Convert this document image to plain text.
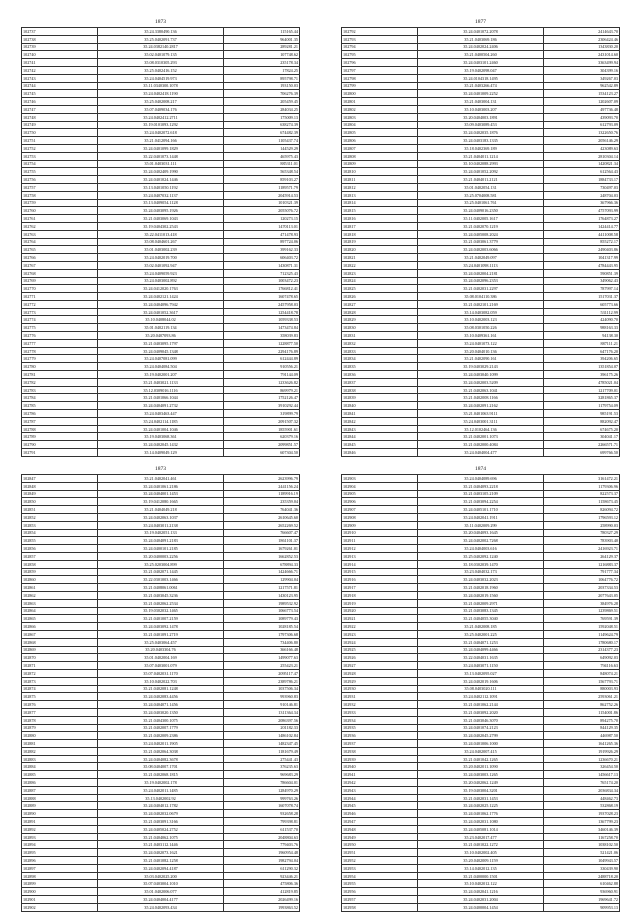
1873
102737	35.24.3380490.136	115165.44
102738	35.25.0402091.737	964001.35
102739	35.24.0382140.2817	289281.21
102740	35.02.0401079.135	107748.62
102741	35.08.0310305.293	235178.34
102742	35.25.0402416.152	17824.25
102743	35.24.0404519.973	895798.71
102744	35.11.0340300.1078	193150.03
102745	35.24.0402418.1190	706276.39
102746	35.25.0402008.217	205459.45
102747	35.07.0409034.176	284034.25
102748	35.24.0402412.2711	175009.13
102749	35.19.0101093.1292	638274.39
102750	35.24.0402072.618	674482.39
102751	35.21.0412094.166	1105437.74
102752	35.24.0401099.1829	144529.29
102753	35.22.0401073.1448	465975.43
102754	35.01.0403031.111	885311.01
102755	35.24.0402409.1990	565348.54
102756	35.24.0401024.1446	859103.27
102757	35.13.0401050.1192	1189571.79
102758	35.24.0407032.1137	2045914.53
102759	35.13.0409054.1128	1010321.39
102760	35.24.0403095.1926	2055076.72
102761	35.21.0403069.1043	120273.15
102762	35.19.0404302.2543	1470113.01
102763	35.22.0411013.418	471478.93
102764	35.08.0404601.267	897724.06
102765	35.01.0403002.239	399162.33
102766	35.24.0402019.700	606403.72
102767	35.02.0401092.947	1430871.31
102768	35.24.0409059.923	712325.43
102769	35.24.0403002.892	1003472.23
102770	35.24.0412020.1763	1766812.41
102771	35.24.0402121.1424	1607478.65
102772	35.24.0404096.7942	2457958.03
102773	35.24.0401052.3617	1254418.78
102774	35.10.0408044.02	1059338.53
102775	35.01.0402119.134	1473474.84
102776	35.20.0407093.86	358039.83
102777	35.21.0403095.1797	1228877.50
102778	35.24.0409045.1348	2294176.89
102779	35.24.0407081.099	612444.89
102780	35.24.0404084.504	910556.21
102781	35.19.0402001.207	791144.09
102782	35.21.0403021.1133	1233626.82
102783	35.12.0309016.1116	869979.21
102784	35.21.0401066.1044	1752126.47
102785	35.24.0404091.2732	3910292.44
102786	35.24.0403463.447	319899.79
102787	35.24.0402114.1185	2091507.32
102788	35.24.0401004.1046	1855901.61
102789	35.19.0403068.361	620379.16
102790	35.24.0402045.1432	2099851.57
102791	35.14.0409049.129	607304.50
1877
102792	35.24.0401072.2078	2414643.70
102793	35.21.0403069.186	2306424.46
102794	35.24.0402024.2406	1343830.20
102795	35.21.0400504.260	2431014.60
102796	35.24.0403101.2460	3363499.94
102797	35.19.0402098.047	304399.16
102798	35.24.0104318.1495	349267.03
102799	35.21.0403266.474	962542.89
102800	35.24.0401009.2252	1534123.27
102801	35.21.0403004.131	1202607.09
102802	35.10.0403003.207	497736.48
102803	35.20.0404003.1891	439093.70
102804	35.09.0403089.453	612793.09
102805	35.24.0402035.1876	1322650.76
102806	35.24.0403183.1335	2056146.29
102807	35.18.0402369.189	423089.63
102808	35.21.0404011.1214	2810304.14
102809	35.10.0402088.2993	1420821.34
102810	35.24.0401052.2092	612564.43
102811	35.21.0404011.2121	1884733.17
102812	35.01.0402054.131	730497.03
102813	35.25.0704008.581	248704.03
102814	35.25.0401061.761	367966.36
102815	35.24.0409016.2350	4757093.99
102816	35.11.0402005.1617	1764873.27
102817	35.21.0402070.1219	1424414.77
102818	35.24.0405008.2024	4411008.58
102819	35.21.0403061.3779	855272.17
102820	35.24.0402003.6066	2490403.86
102821	35.21.0402049.097	1041317.99
102822	35.24.0401098.1113	4784443.95
102823	35.24.0402004.2181	590851.39
102824	35.24.0402096.2353	349062.43
102825	35.21.0402031.2297	787997.14
102826	35.08.0104110.386	1517031.37
102827	35.21.0402101.2169	605773.66
102828	35.14.0403082.059	531112.99
102829	35.10.0402003.123	424090.70
102830	35.08.0301050.226	988163.33
102831	35.10.0409361.161	94138.30
102832	35.24.0401073.122	887111.21
102833	35.20.0404010.136	647176.20
102834	35.21.0402090.161	394206.65
102835	35.19.0403029.2143	1351854.07
102836	35.24.0403040.1099	396175.26
102837	35.24.0402003.5209	4785021.04
102838	35.21.0402063.1041	1217709.01
102839	35.21.0402008.1166	3281865.37
102840	35.24.0402091.2162	1179754.09
102841	35.21.0401063.9111	985191.53
102842	35.24.0403001.3111	882092.47
102843	35.12.0102464.136	674675.20
102844	35.21.0402001.1073	304041.17
102845	35.21.0402000.4084	2266571.71
102846	35.24.0404004.477	699766.50
1873
102847	35.21.0402041.461	2623996.79
102848	35.24.0401061.2186	2441156.24
102849	35.24.0404001.1453	1189916.19
102850	35.19.0412080.1665	235359.04
102851	35.21.0404049.218	764041.36
102852	35.24.0402063.1037	2610645.60
102853	35.24.0403011.2138	2652269.52
102854	35.19.0402051.133	766607.47
102855	35.24.0404091.2183	1861101.37
102856	35.24.0400101.2185	1679261.01
102857	35.20.0400003.2256	1662852.53
102858	35.25.0203004.899	678894.33
102859	35.21.0402071.1445	1424666.71
102860	35.22.0301003.1466	129904.04
102861	35.21.0408061.0061	1217571.81
102862	35.21.0403045.3236	1430123.95
102863	35.21.0402062.2534	1989532.92
102864	35.19.0302032.1465	1066773.54
102865	35.21.0401007.2159	1089779.43
102866	35.24.0403092.1478	1028185.54
102867	35.21.0401091.2719	1797306.68
102868	35.25.0403064.457	734406.80
102869	35.20.0403304.76	366166.48
102870	35.01.0402004.169	1499077.63
102871	35.07.0403001.079	255423.21
102872	35.07.0402031.1170	2095117.47
102873	35.10.0402022.703	2389786.21
102874	35.21.0402081.1248	1037506.34
102875	35.24.0402083.4456	993960.83
102876	35.24.0404071.1456	910146.81
102877	35.24.0403020.1350	1311364.34
102878	35.21.0404300.1075	2086397.56
102879	35.21.0402007.1779	201182.33
102880	35.21.0402009.2386	1486102.84
102881	35.24.0402011.1905	1482347.45
102882	35.21.0402064.3038	1181679.49
102883	35.24.0404082.3678	275441.43
102884	35.08.0404007.1701	376235.63
102885	35.21.0402068.1815	969683.29
102886	35.19.0402002.178	786604.01
102887	35.24.0402011.1485	1284970.29
102888	35.13.0402002.92	999763.26
102889	35.24.0404012.1782	1607078.74
102890	35.24.0402032.0679	932658.28
102891	35.21.0403091.3166	799398.81
102892	35.24.0405024.2752	611537.70
102893	35.21.0404062.1075	2048804.63
102894	35.21.0403112.1446	779403.76
102895	35.24.0402073.1621	1960954.48
102896	35.21.0401082.1258	1982794.04
102897	35.24.0402094.4187	611290.32
102898	35.03.0402025.200	923446.21
102899	35.07.0403004.1010	475806.36
102900	35.01.0402006.077	412819.85
102901	35.24.0404004.4177	2026499.16
102902	35.24.0402093.434	1993863.52
1874
102903	35.24.0404089.696	3161472.21
102904	35.21.0404093.2218	1179306.96
102905	35.21.0403105.2109	822573.37
102906	35.21.0403094.2254	1158673.45
102907	35.24.0405101.1710	826094.72
102908	35.24.0402041.1911	1796593.12
102909	35.11.0402009.299	258990.03
102910	35.20.0404093.1645	780327.29
102911	35.24.0402002.7268	783903.40
102912	35.24.0404003.616	2416923.71
102913	35.25.0402092.1240	264129.37
102914	35.18.0302039.1470	1216883.37
102915	35.23.0404032.173	791777.34
102916	35.24.0403032.2023	1064776.72
102917	35.21.0402018.1960	2037334.53
102918	35.24.0402019.1560	2077643.05
102919	35.21.0402009.2971	384976.28
102920	35.21.0403083.1345	1239869.51
102921	35.21.0404055.3040	769591.39
102922	35.21.0402008.185	1592048.51
102923	35.25.0402001.225	1149624.79
102924	35.21.0404071.1253	1780680.17
102925	35.24.0404099.4466	2314377.23
102926	35.22.0404031.1635	649092.03
102927	35.24.0403071.1150	794116.63
102928	35.13.0402095.027	848074.21
102929	35.24.0402019.1606	1567793.71
102930	35.08.0403020.111	880003.93
102931	35.24.0402112.1091	2593061.21
102932	35.21.0401062.2144	862752.26
102933	35.21.0403092.2020	1154001.86
102934	35.21.0403046.3070	894275.70
102935	35.24.0401074.2123	844129.35
102936	35.24.0402045.2799	446987.50
102937	35.24.0401006.1000	1641265.36
102938	35.24.0402007.415	1919926.29
102939	35.21.0401042.1265	1236670.21
102940	35.20.0402011.1090	326454.50
102941	35.24.0403003.1265	1456617.13
102942	35.20.0402062.1249	765174.20
102943	35.19.0403004.3201	2036834.34
102944	35.21.0402031.1453	448462.73
102945	35.24.0402025.1225	532868.19
102946	35.24.0401062.1776	1937028.23
102947	35.24.0402031.1080	1367799.23
102948	35.24.0405081.1014	3460146.39
102949	35.23.0402017.477	1167258.70
102950	35.21.0401022.1272	1038102.50
102951	35.10.0402002.405	521421.06
102952	35.20.0402009.1159	1049943.57
102953	35.14.0402012.135	330439.90
102954	35.21.0400000.1501	2488718.20
102955	35.10.0402012.122	610462.88
102956	35.24.0402041.1216	936960.91
102957	35.24.0402031.2004	1969641.72
102958	35.24.0400004.1454	909953.13
